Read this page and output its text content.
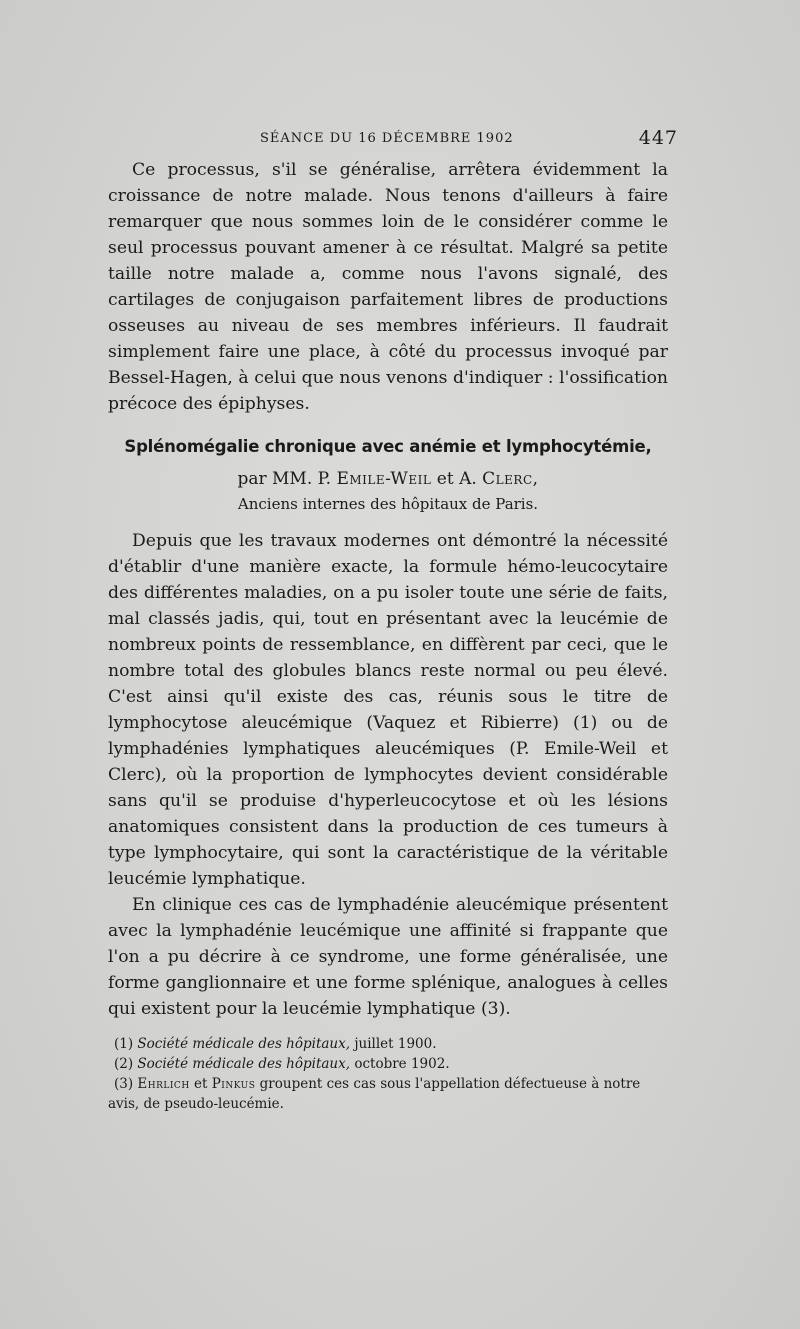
SÉANCE DU 16 DÉCEMBRE 1902	447

Ce processus, s'il se généralise, arrêtera évidemment la croissance de notre malade. Nous tenons d'ailleurs à faire remarquer que nous sommes loin de le considérer comme le seul processus pouvant amener à ce résultat. Malgré sa petite taille notre malade a, comme nous l'avons signalé, des cartilages de conjugaison parfaitement libres de productions osseuses au niveau de ses membres inférieurs. Il faudrait simplement faire une place, à côté du processus invoqué par Bessel-Hagen, à celui que nous venons d'indiquer : l'ossification précoce des épiphyses.

Splénomégalie chronique avec anémie et lymphocytémie,
par MM. P. Emile-Weil et A. Clerc,
Anciens internes des hôpitaux de Paris.

Depuis que les travaux modernes ont démontré la nécessité d'établir d'une manière exacte, la formule hémo-leucocytaire des différentes maladies, on a pu isoler toute une série de faits, mal classés jadis, qui, tout en présentant avec la leucémie de nombreux points de ressemblance, en diffèrent par ceci, que le nombre total des globules blancs reste normal ou peu élevé. C'est ainsi qu'il existe des cas, réunis sous le titre de lymphocytose aleucémique (Vaquez et Ribierre) (1) ou de lymphadénies lymphatiques aleucémiques (P. Emile-Weil et Clerc), où la proportion de lymphocytes devient considérable sans qu'il se produise d'hyperleucocytose et où les lésions anatomiques consistent dans la production de ces tumeurs à type lymphocytaire, qui sont la caractéristique de la véritable leucémie lymphatique.

En clinique ces cas de lymphadénie aleucémique présentent avec la lymphadénie leucémique une affinité si frappante que l'on a pu décrire à ce syndrome, une forme généralisée, une forme ganglionnaire et une forme splénique, analogues à celles qui existent pour la leucémie lymphatique (3).

(1) Société médicale des hôpitaux, juillet 1900.
(2) Société médicale des hôpitaux, octobre 1902.
(3) Ehrlich et Pinkus groupent ces cas sous l'appellation défectueuse à notre avis, de pseudo-leucémie.
